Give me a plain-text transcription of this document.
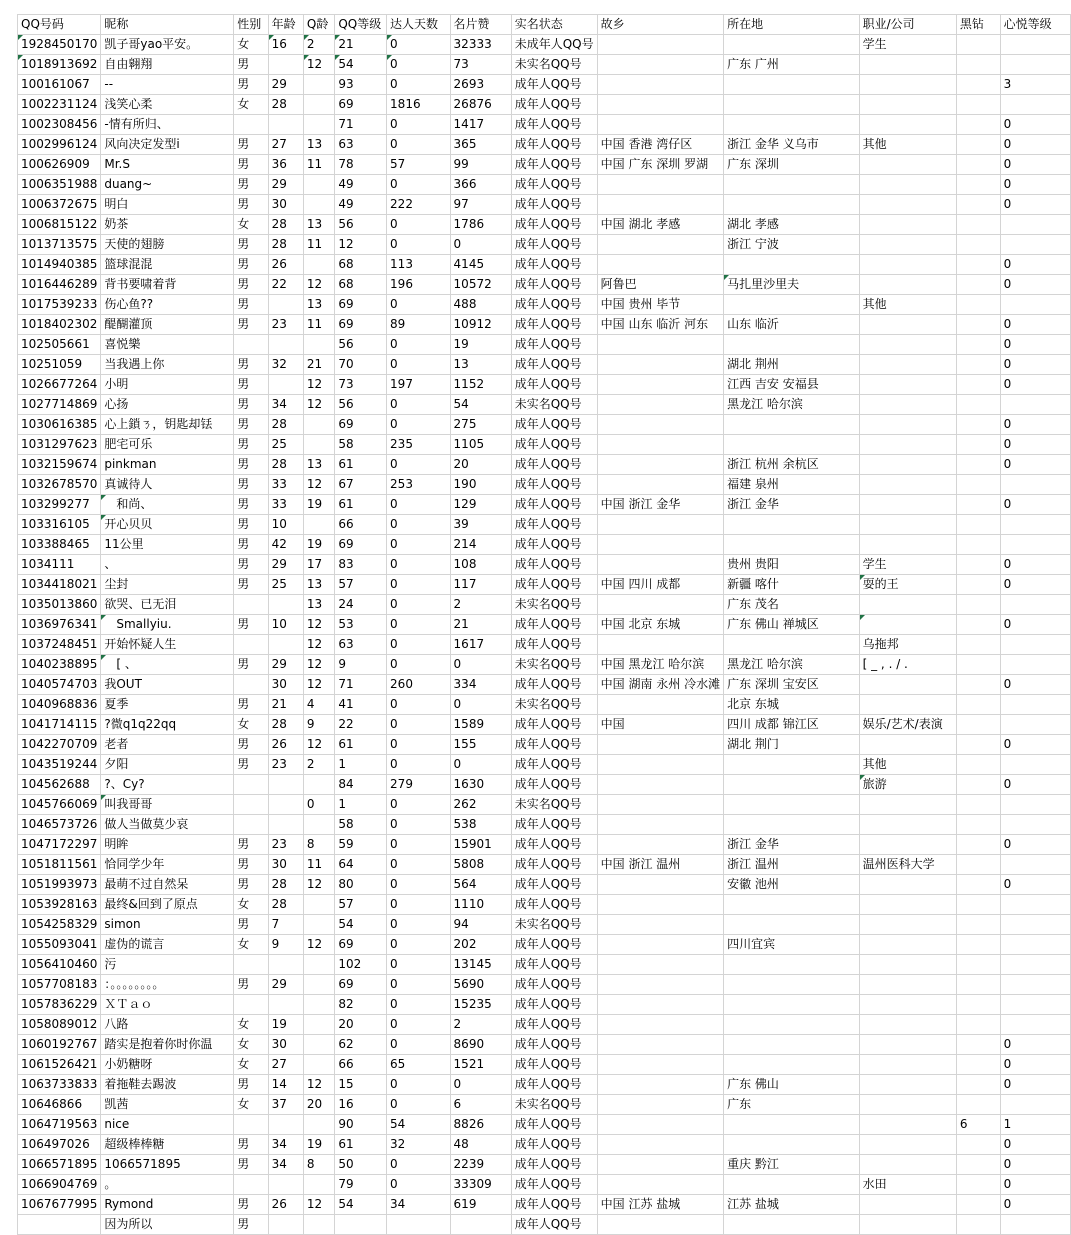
QQ号码	昵称	性别	年龄	Q龄	QQ等级	达人天数	名片赞	实名状态	故乡	所在地	职业/公司	黑钻	心悦等级
1928450170	凯子哥yao平安。	女	16	2	21	0	32333	未成年人QQ号			学生		
1018913692	自由翱翔	男		12	54	0	73	未实名QQ号		广东 广州			
100161067	--	男	29		93	0	2693	成年人QQ号					3
1002231124	浅笑心柔	女	28		69	1816	26876	成年人QQ号					
1002308456	-情有所归、				71	0	1417	成年人QQ号					0
1002996124	风向决定发型i	男	27	13	63	0	365	成年人QQ号	中国 香港 湾仔区	浙江 金华 义乌市	其他		0
100626909	Mr.S	男	36	11	78	57	99	成年人QQ号	中国 广东 深圳 罗湖	广东 深圳			0
1006351988	duang~	男	29		49	0	366	成年人QQ号					0
1006372675	明白	男	30		49	222	97	成年人QQ号					0
1006815122	奶茶	女	28	13	56	0	1786	成年人QQ号	中国 湖北 孝感	湖北 孝感			
1013713575	天使的翅膀	男	28	11	12	0	0	成年人QQ号		浙江 宁波			
1014940385	篮球混混	男	26		68	113	4145	成年人QQ号					0
1016446289	背书要啸着背	男	22	12	68	196	10572	成年人QQ号	阿鲁巴	马扎里沙里夫			0
1017539233	伤心鱼??	男		13	69	0	488	成年人QQ号	中国 贵州 毕节		其他		
1018402302	醍醐灌顶	男	23	11	69	89	10912	成年人QQ号	中国 山东 临沂 河东	山东 临沂			0
102505661	喜悦樂				56	0	19	成年人QQ号					0
10251059	当我遇上你	男	32	21	70	0	13	成年人QQ号		湖北 荆州			0
1026677264	小明	男		12	73	197	1152	成年人QQ号		江西 吉安 安福县			0
1027714869	心扬	男	34	12	56	0	54	未实名QQ号		黑龙江 哈尔滨			
1030616385	心上鎖ㄋ，钥匙却铥	男	28		69	0	275	成年人QQ号					0
1031297623	肥宅可乐	男	25		58	235	1105	成年人QQ号					0
1032159674	pinkman	男	28	13	61	0	20	成年人QQ号		浙江 杭州 余杭区			0
1032678570	真诚待人	男	33	12	67	253	190	成年人QQ号		福建 泉州			
103299277	　和尚、	男	33	19	61	0	129	成年人QQ号	中国 浙江 金华	浙江 金华			0
103316105	开心贝贝	男	10		66	0	39	成年人QQ号					
103388465	11公里	男	42	19	69	0	214	成年人QQ号					
1034111	、	男	29	17	83	0	108	成年人QQ号		贵州 贵阳	学生		0
1034418021	尘封	男	25	13	57	0	117	成年人QQ号	中国 四川 成都	新疆 喀什	耍的王		0
1035013860	欲哭、已无泪			13	24	0	2	未实名QQ号		广东 茂名			
1036976341	　Smallyiu.	男	10	12	53	0	21	成年人QQ号	中国 北京 东城	广东 佛山 禅城区			0
1037248451	开始怀疑人生			12	63	0	1617	成年人QQ号			乌拖邦		
1040238895	　[ 、	男	29	12	9	0	0	未实名QQ号	中国 黑龙江 哈尔滨	黑龙江 哈尔滨	[ _ , . / .		
1040574703	我OUT		30	12	71	260	334	成年人QQ号	中国 湖南 永州 冷水滩	广东 深圳 宝安区			0
1040968836	夏季	男	21	4	41	0	0	未实名QQ号		北京 东城			
1041714115	?微q1q22qq	女	28	9	22	0	1589	成年人QQ号	中国	四川 成都 锦江区	娱乐/艺术/表演		
1042270709	老者	男	26	12	61	0	155	成年人QQ号		湖北 荆门			0
1043519244	夕阳	男	23	2	1	0	0	成年人QQ号			其他		
104562688	?、Cy?				84	279	1630	成年人QQ号			旅游		0
1045766069	叫我哥哥			0	1	0	262	未实名QQ号					
1046573726	做人当做莫少哀				58	0	538	成年人QQ号					
1047172297	明眸	男	23	8	59	0	15901	成年人QQ号		浙江 金华			0
1051811561	恰同学少年	男	30	11	64	0	5808	成年人QQ号	中国 浙江 温州	浙江 温州	温州医科大学		
1051993973	最萌不过自然呆	男	28	12	80	0	564	成年人QQ号		安徽 池州			0
1053928163	最终&回到了原点	女	28		57	0	1110	成年人QQ号					
1054258329	simon	男	7		54	0	94	未实名QQ号					
1055093041	虚伪的谎言	女	9	12	69	0	202	成年人QQ号		四川宜宾			
1056410460	污				102	0	13145	成年人QQ号					
1057708183	：。。。。。。。。	男	29		69	0	5690	成年人QQ号					
1057836229	ＸＴａｏ				82	0	15235	成年人QQ号					
1058089012	八路	女	19		20	0	2	成年人QQ号					
1060192767	踏实是抱着你时你温	女	30		62	0	8690	成年人QQ号					0
1061526421	小奶糖呀	女	27		66	65	1521	成年人QQ号					0
1063733833	着拖鞋去踢波	男	14	12	15	0	0	成年人QQ号		广东 佛山			0
10646866	凯茜	女	37	20	16	0	6	未实名QQ号		广东			
1064719563	nice				90	54	8826	成年人QQ号				6	1
106497026	超级棒棒糖	男	34	19	61	32	48	成年人QQ号					0
1066571895	1066571895	男	34	8	50	0	2239	成年人QQ号		重庆 黔江			0
1066904769	。				79	0	33309	成年人QQ号			水田		0
1067677995	Rymond	男	26	12	54	34	619	成年人QQ号	中国 江苏 盐城	江苏 盐城			0
	因为所以	男						成年人QQ号					
